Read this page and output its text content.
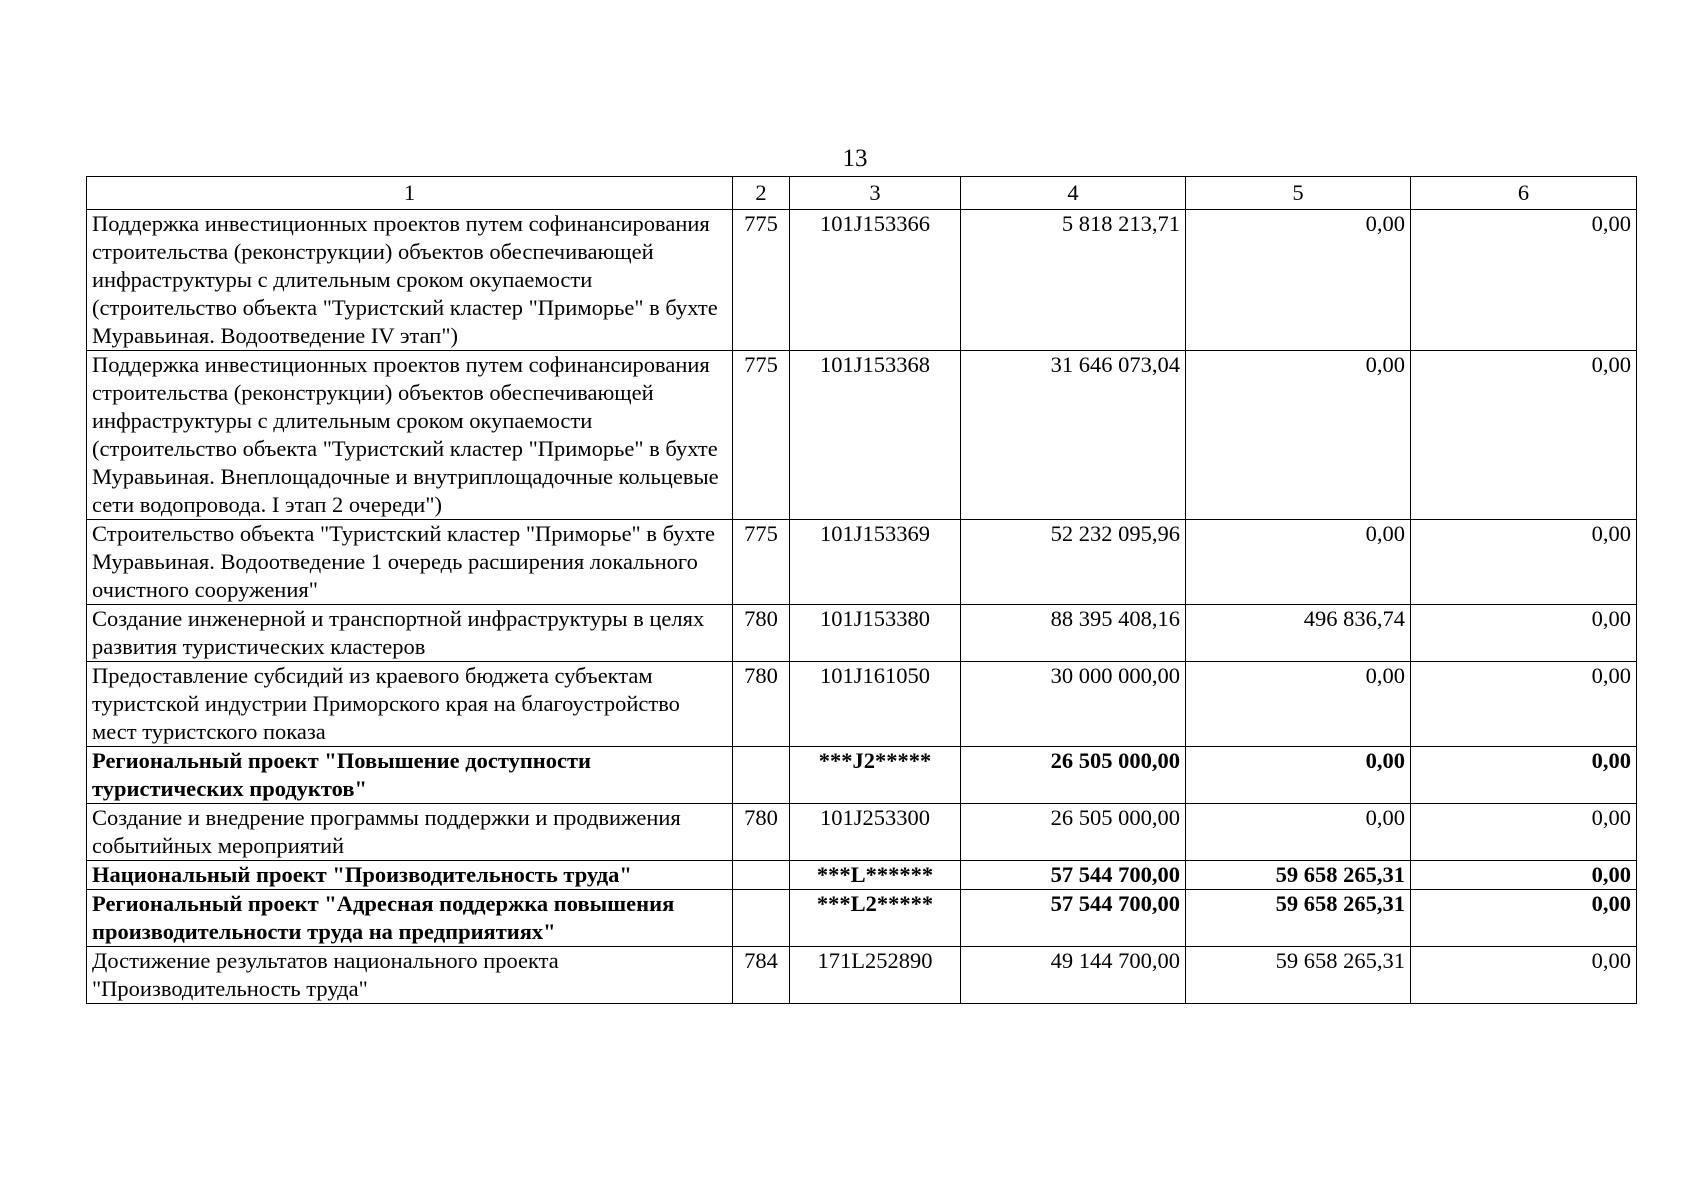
13
1	2	3	4	5	6
Поддержка инвестиционных проектов путем софинансирования строительства (реконструкции) объектов обеспечивающей инфраструктуры с длительным сроком окупаемости (строительство объекта "Туристский кластер "Приморье" в бухте Муравьиная. Водоотведение IV этап")	775	101J153366	5 818 213,71	0,00	0,00
Поддержка инвестиционных проектов путем софинансирования строительства (реконструкции) объектов обеспечивающей инфраструктуры с длительным сроком окупаемости (строительство объекта "Туристский кластер "Приморье" в бухте Муравьиная. Внеплощадочные и внутриплощадочные кольцевые сети водопровода. I этап 2 очереди")	775	101J153368	31 646 073,04	0,00	0,00
Строительство объекта "Туристский кластер "Приморье" в бухте Муравьиная. Водоотведение 1 очередь расширения локального очистного сооружения"	775	101J153369	52 232 095,96	0,00	0,00
Создание инженерной и транспортной инфраструктуры в целях развития туристических кластеров	780	101J153380	88 395 408,16	496 836,74	0,00
Предоставление субсидий из краевого бюджета субъектам туристской индустрии Приморского края на благоустройство мест туристского показа	780	101J161050	30 000 000,00	0,00	0,00
Региональный проект "Повышение доступности туристических продуктов"		***J2*****	26 505 000,00	0,00	0,00
Создание и внедрение программы поддержки и продвижения событийных мероприятий	780	101J253300	26 505 000,00	0,00	0,00
Национальный проект "Производительность труда"		***L******	57 544 700,00	59 658 265,31	0,00
Региональный проект "Адресная поддержка повышения производительности труда на предприятиях"		***L2*****	57 544 700,00	59 658 265,31	0,00
Достижение результатов национального проекта "Производительность труда"	784	171L252890	49 144 700,00	59 658 265,31	0,00
